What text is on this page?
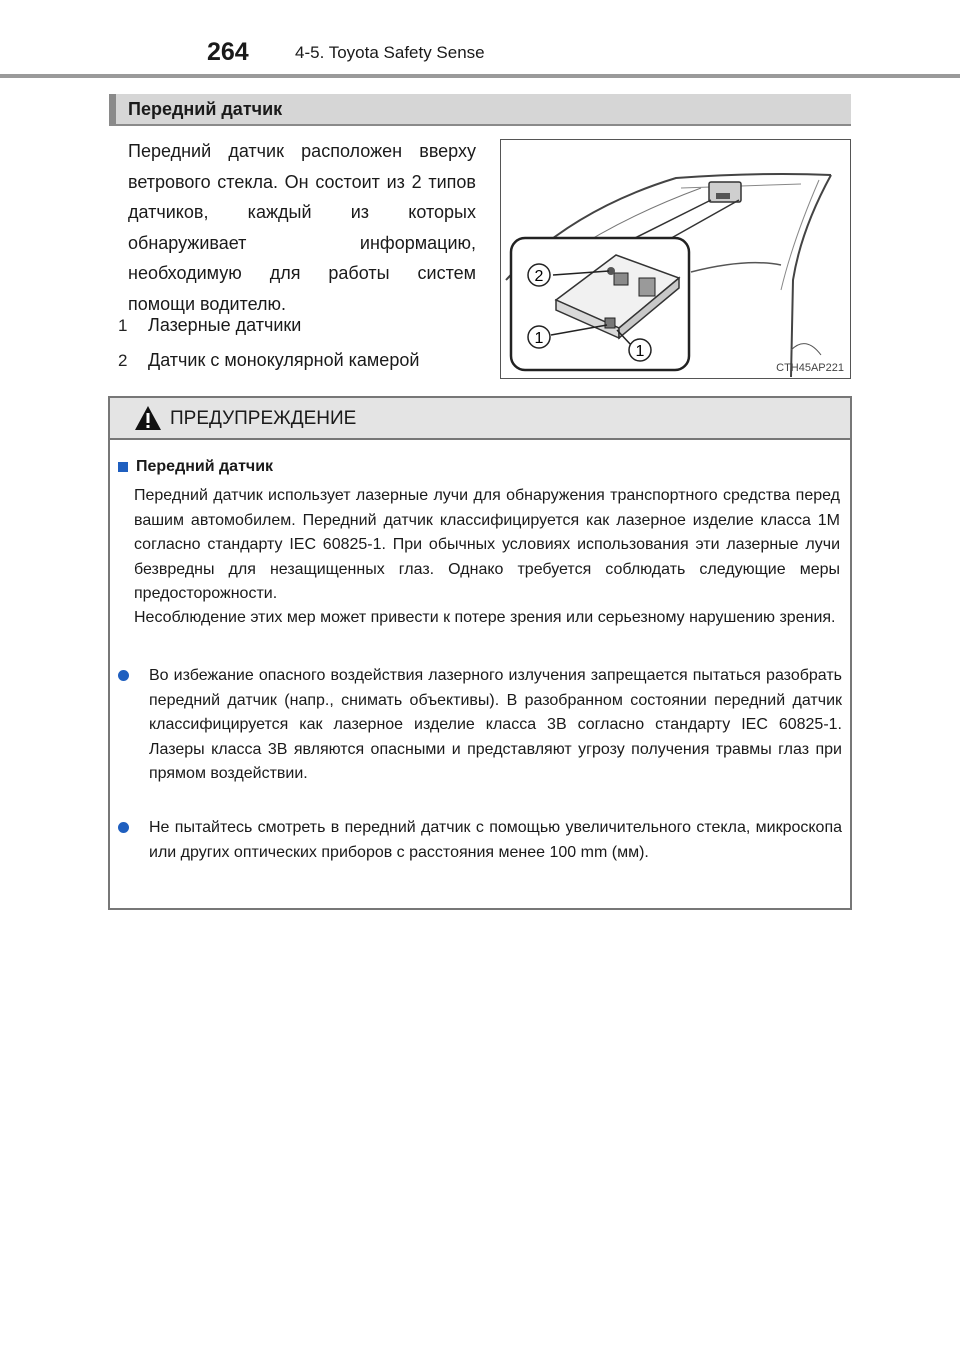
264	4-5. Toyota Safety Sense
Передний датчик

Передний датчик расположен вверху ветрового стекла. Он состоит из 2 типов датчиков, каждый из которых обнаруживает информацию, необходимую для работы систем помощи водителю.

1	Лазерные датчики
2	Датчик с монокулярной камерой
2
1
1
CTH45AP221
ПРЕДУПРЕЖДЕНИЕ
Передний датчик

Передний датчик использует лазерные лучи для обнаружения транспортного средства перед вашим автомобилем. Передний датчик классифицируется как лазерное изделие класса 1M согласно стандарту IEC 60825-1. При обычных условиях использования эти лазерные лучи безвредны для незащищенных глаз. Однако требуется соблюдать следующие меры предосторожности.

Несоблюдение этих мер может привести к потере зрения или серьезному нарушению зрения.

Во избежание опасного воздействия лазерного излучения запрещается пытаться разобрать передний датчик (напр., снимать объективы). В разобранном состоянии передний датчик классифицируется как лазерное изделие класса 3B согласно стандарту IEC 60825-1. Лазеры класса 3B являются опасными и представляют угрозу получения травмы глаз при прямом воздействии.

Не пытайтесь смотреть в передний датчик с помощью увеличительного стекла, микроскопа или других оптических приборов с расстояния менее 100 mm (мм).
